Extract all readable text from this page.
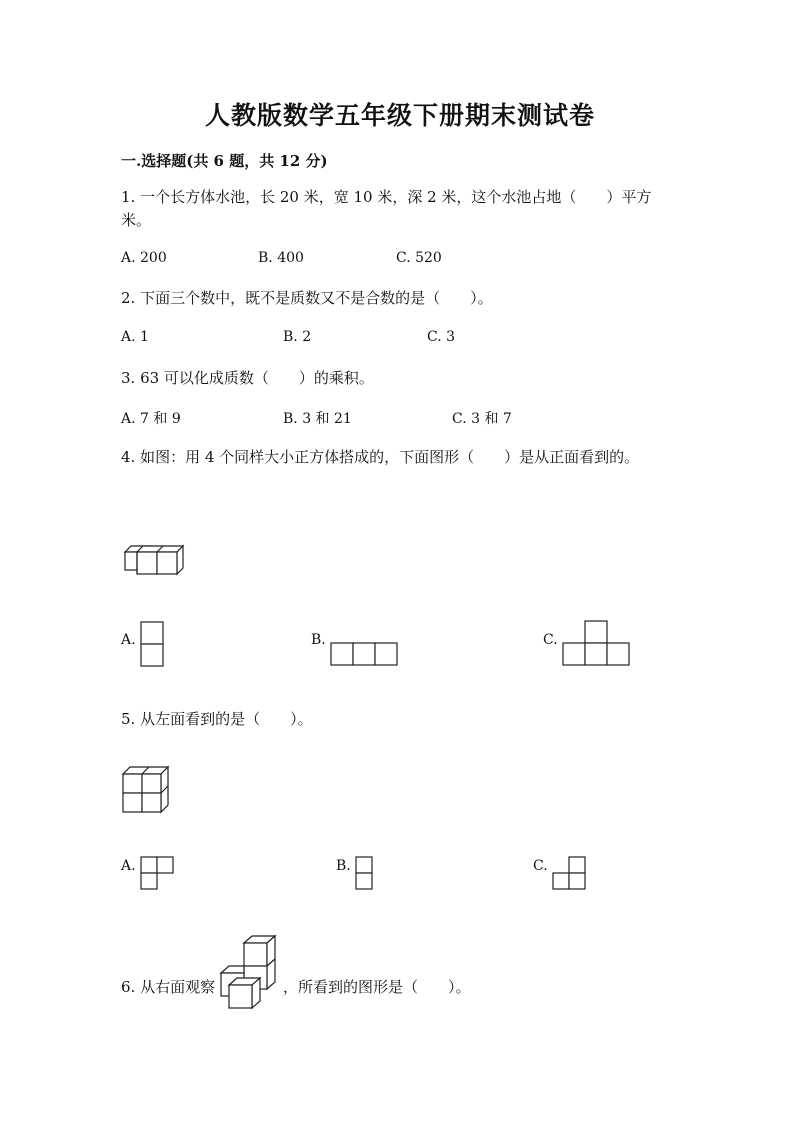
人教版数学五年级下册期末测试卷
一.选择题(共 6 题，共 12 分)
1. 一个长方体水池，长 20 米，宽 10 米，深 2 米，这个水池占地（　　）平方
米。
A. 200	B. 400	C. 520
2. 下面三个数中，既不是质数又不是合数的是（　　）。
A. 1	B. 2	C. 3
3. 63 可以化成质数（　　）的乘积。
A. 7 和 9	B. 3 和 21	C. 3 和 7
4. 如图：用 4 个同样大小正方体搭成的，下面图形（　　）是从正面看到的。
A.	B.	C.
5. 从左面看到的是（　　）。
A.	B.	C.
6. 从右面观察	，所看到的图形是（　　）。
